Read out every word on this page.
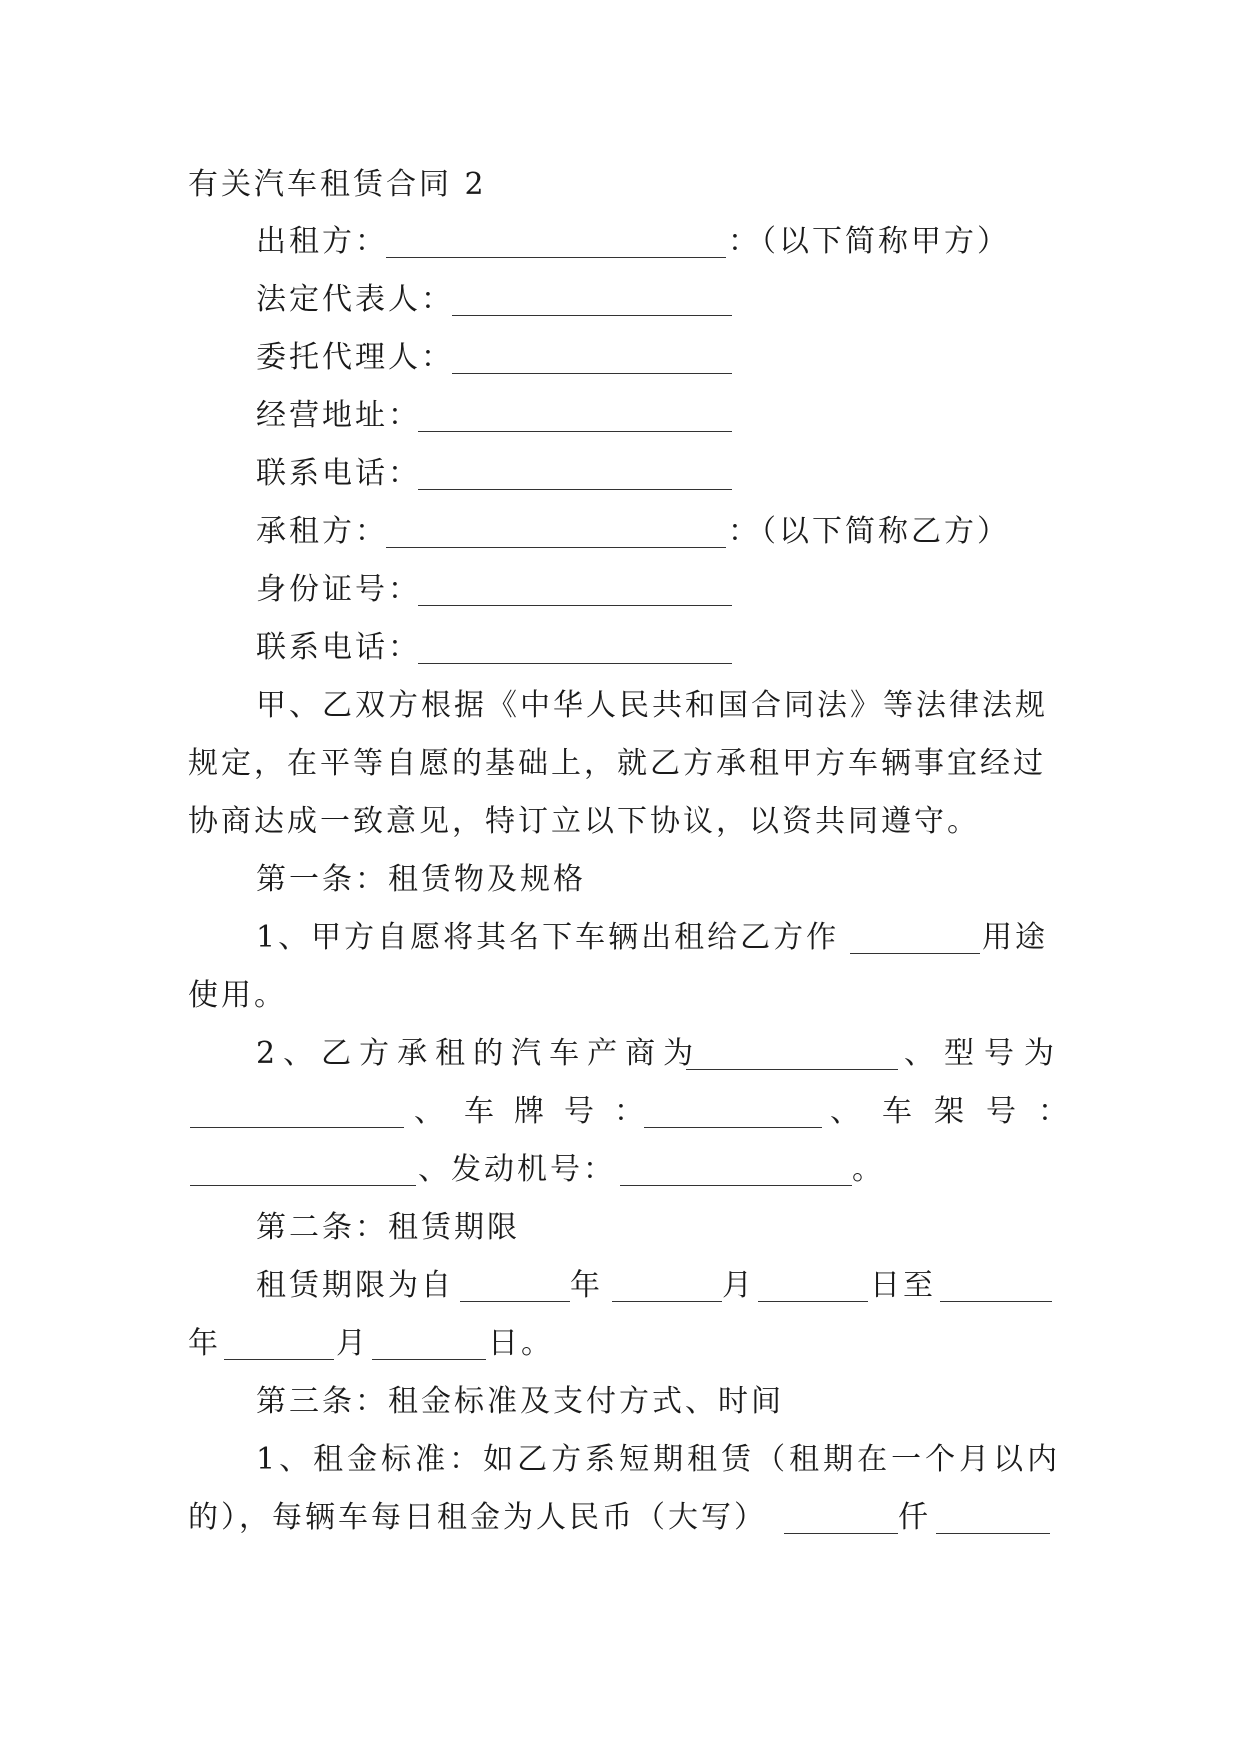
有关汽车租赁合同 2
出租方：	：（以下简称甲方）
法定代表人：
委托代理人：
经营地址：
联系电话：
承租方：	：（以下简称乙方）
身份证号：
联系电话：
甲、乙双方根据《中华人民共和国合同法》等法律法规
规定，在平等自愿的基础上，就乙方承租甲方车辆事宜经过
协商达成一致意见，特订立以下协议，以资共同遵守。
第一条：租赁物及规格
1、甲方自愿将其名下车辆出租给乙方作	用途
使用。
2、乙方承租的汽车产商为	、型号为
、车牌号：	、车架号：
、发动机号：	。
第二条：租赁期限
租赁期限为自	年	月	日至
年	月	日。
第三条：租金标准及支付方式、时间
1、租金标准：如乙方系短期租赁（租期在一个月以内
的），每辆车每日租金为人民币（大写）	仟
